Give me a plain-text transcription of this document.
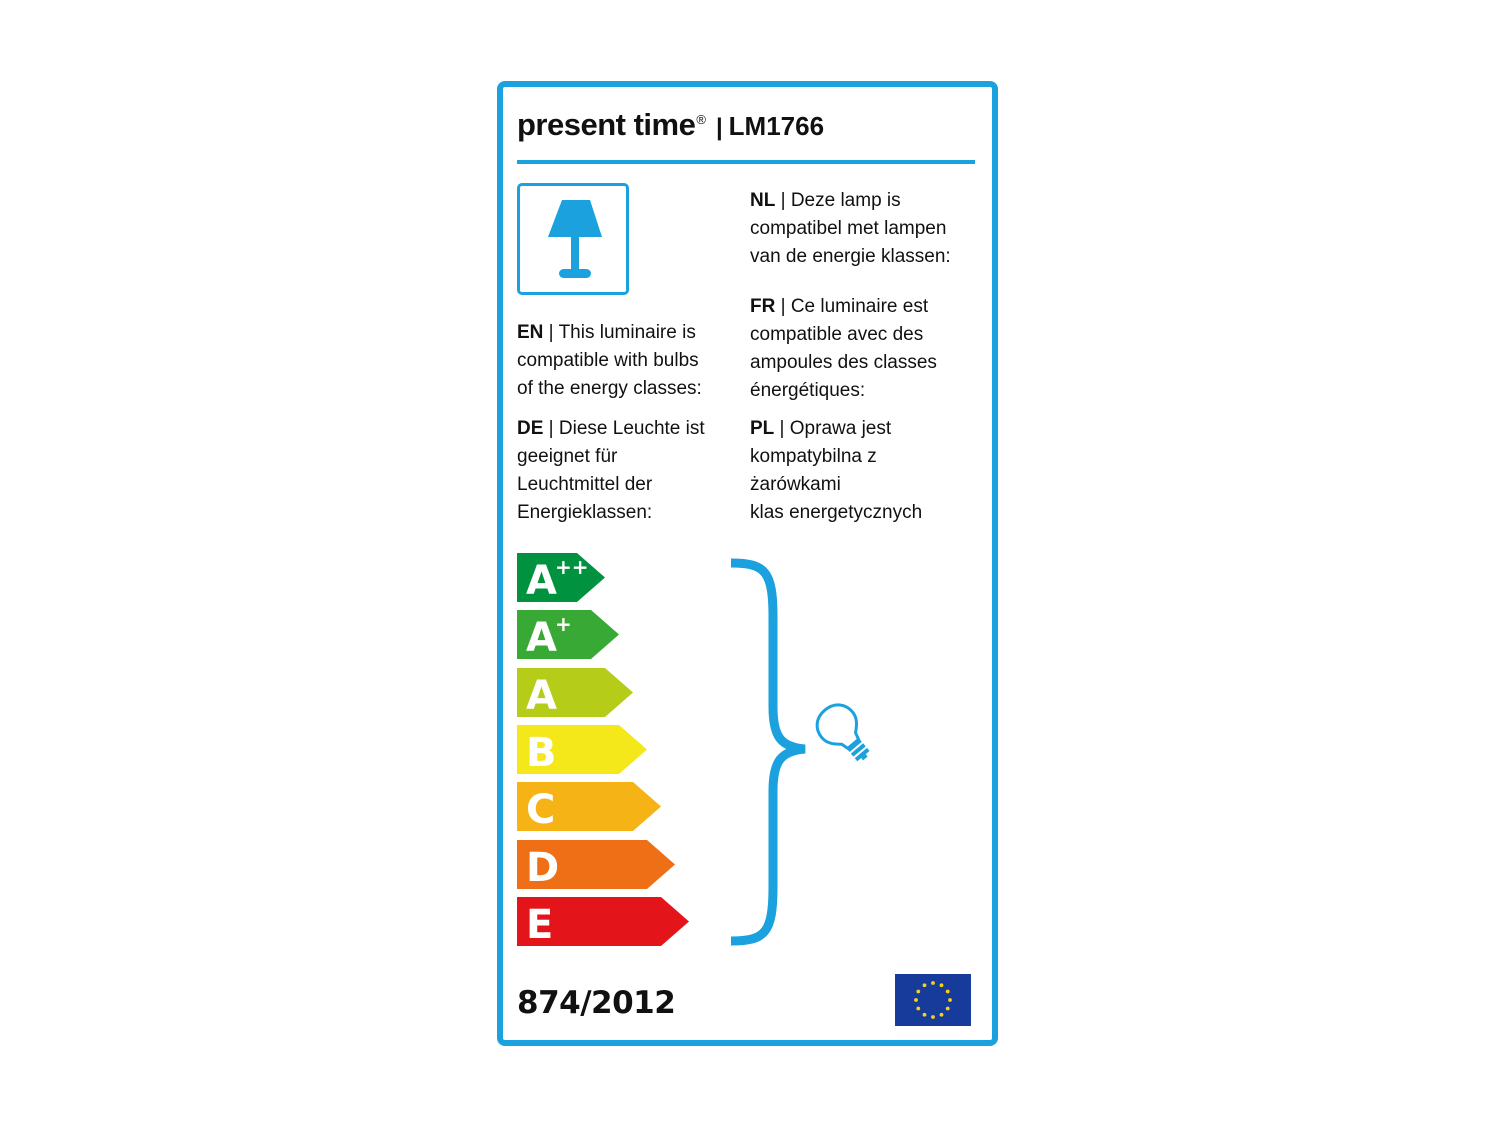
present time® | LM1766
EN | This luminaire is
compatible with bulbs
of the energy classes:
DE | Diese Leuchte ist
geeignet für
Leuchtmittel der
Energieklassen:
NL | Deze lamp is
compatibel met lampen
van de energie klassen:
FR | Ce luminaire est
compatible avec des
ampoules des classes
énergétiques:
PL | Oprawa jest
kompatybilna z
żarówkami
klas energetycznych
A
++
A
+
A
B
C
D
E
874/2012
